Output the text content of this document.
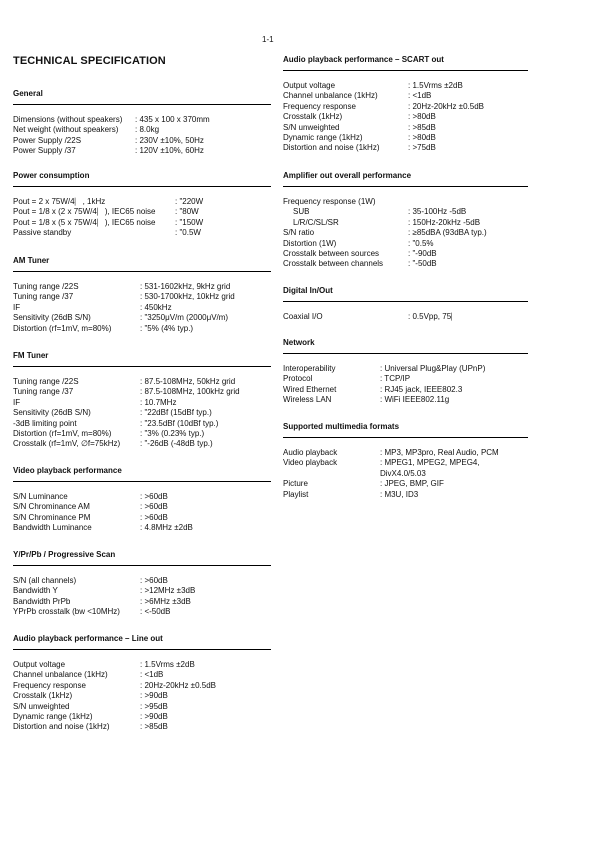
1-1
TECHNICAL SPECIFICATION
General
Dimensions (without speakers)	: 435 x 100 x 370mm
Net weight (without speakers)	: 8.0kg
Power Supply /22S	: 230V ±10%, 50Hz
Power Supply /37	: 120V ±10%, 60Hz
Power consumption
Pout = 2 x 75W/4⎸, 1kHz	: "220W
Pout = 1/8 x (2 x 75W/4⎸), IEC65 noise	: "80W
Pout = 1/8 x (5 x 75W/4⎸), IEC65 noise	: "150W
Passive standby	: "0.5W
AM Tuner
Tuning range /22S	: 531-1602kHz, 9kHz grid
Tuning range /37	: 530-1700kHz, 10kHz grid
IF	: 450kHz
Sensitivity (26dB S/N)	: "3250μV/m (2000μV/m)
Distortion (rf=1mV, m=80%)	: "5% (4% typ.)
FM Tuner
Tuning range /22S	: 87.5-108MHz, 50kHz grid
Tuning range /37	: 87.5-108MHz, 100kHz grid
IF	: 10.7MHz
Sensitivity (26dB S/N)	: "22dBf (15dBf typ.)
-3dB limiting point	: "23.5dBf (10dBf typ.)
Distortion (rf=1mV, m=80%)	: "3% (0.23% typ.)
Crosstalk (rf=1mV, ∅f=75kHz)	: "-26dB (-48dB typ.)
Video playback performance
S/N Luminance	: >60dB
S/N Chrominance AM	: >60dB
S/N Chrominance PM	: >60dB
Bandwidth Luminance	: 4.8MHz ±2dB
Y/Pr/Pb / Progressive Scan
S/N (all channels)	: >60dB
Bandwidth Y	: >12MHz ±3dB
Bandwidth PrPb	: >6MHz ±3dB
YPrPb crosstalk (bw <10MHz)	: <-50dB
Audio playback performance – Line out
Output voltage	: 1.5Vrms ±2dB
Channel unbalance (1kHz)	: <1dB
Frequency response	: 20Hz-20kHz ±0.5dB
Crosstalk (1kHz)	: >90dB
S/N unweighted	: >95dB
Dynamic range (1kHz)	: >90dB
Distortion and noise (1kHz)	: >85dB
Audio playback performance – SCART out
Output voltage	: 1.5Vrms ±2dB
Channel unbalance (1kHz)	: <1dB
Frequency response	: 20Hz-20kHz ±0.5dB
Crosstalk (1kHz)	: >80dB
S/N unweighted	: >85dB
Dynamic range (1kHz)	: >80dB
Distortion and noise (1kHz)	: >75dB
Amplifier out overall performance
Frequency response (1W)
SUB	: 35-100Hz -5dB
L/R/C/SL/SR	: 150Hz-20kHz -5dB
S/N ratio	: ≥85dBA (93dBA typ.)
Distortion (1W)	: "0.5%
Crosstalk between sources	: "-90dB
Crosstalk between channels	: "-50dB
Digital In/Out
Coaxial I/O	: 0.5Vpp, 75⎸
Network
Interoperability	: Universal Plug&Play (UPnP)
Protocol	: TCP/IP
Wired Ethernet	: RJ45 jack, IEEE802.3
Wireless LAN	: WiFi IEEE802.11g
Supported multimedia formats
Audio playback	: MP3, MP3pro, Real Audio, PCM
Video playback	: MPEG1, MPEG2, MPEG4,
DivX4.0/5.03
Picture	: JPEG, BMP, GIF
Playlist	: M3U, ID3
